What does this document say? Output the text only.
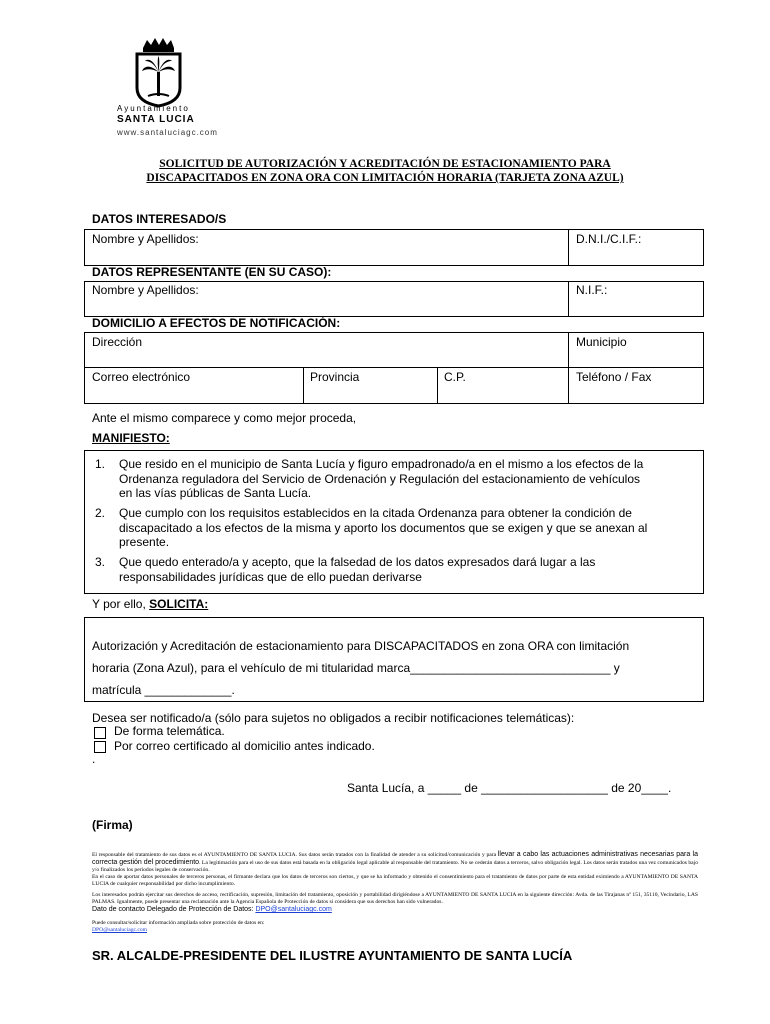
Ayuntamiento
SANTA LUCIA
www.santaluciagc.com
SOLICITUD DE AUTORIZACIÓN Y ACREDITACIÓN DE ESTACIONAMIENTO PARA
DISCAPACITADOS EN ZONA ORA CON LIMITACIÓN HORARIA (TARJETA ZONA AZUL)
DATOS INTERESADO/S
Nombre y Apellidos:	D.N.I./C.I.F.:
DATOS REPRESENTANTE (EN SU CASO):
Nombre y Apellidos:	N.I.F.:
DOMICILIO A EFECTOS DE NOTIFICACIÓN:
Dirección	Municipio
Correo electrónico	Provincia	C.P.	Teléfono / Fax
Ante el mismo comparece y como mejor proceda,
MANIFIESTO:
1. Que resido en el municipio de Santa Lucía y figuro empadronado/a en el mismo a los efectos de la
Ordenanza reguladora del Servicio de Ordenación y Regulación del estacionamiento de vehículos
en las vías públicas de Santa Lucía.
2. Que cumplo con los requisitos establecidos en la citada Ordenanza para obtener la condición de
discapacitado a los efectos de la misma y aporto los documentos que se exigen y que se anexan al
presente.
3. Que quedo enterado/a y acepto, que la falsedad de los datos expresados dará lugar a las
responsabilidades jurídicas que de ello puedan derivarse
Y por ello, SOLICITA:
Autorización y Acreditación de estacionamiento para DISCAPACITADOS en zona ORA con limitación
horaria (Zona Azul), para el vehículo de mi titularidad marca______________________________ y
matrícula _____________.
Desea ser notificado/a (sólo para sujetos no obligados a recibir notificaciones telemáticas):
De forma telemática.
Por correo certificado al domicilio antes indicado.
.
Santa Lucía, a _____ de ___________________ de 20____.
(Firma)
El responsable del tratamiento de sus datos es el AYUNTAMIENTO DE SANTA LUCIA. Sus datos serán tratados con la finalidad de atender a su solicitud/comunicación y para llevar a cabo las actuaciones administrativas necesarias para la correcta gestión del procedimiento. La legitimación para el uso de sus datos está basada en la obligación legal aplicable al responsable del tratamiento. No se cederán datos a terceros, salvo obligación legal. Los datos serán tratados una vez comunicados bajo y/o finalizados los períodos legales de conservación.
En el caso de aportar datos personales de terceros personas, el firmante declara que los datos de terceros son ciertos, y que se ha informado y obtenido el consentimiento para el tratamiento de datos por parte de esta entidad eximiendo a AYUNTAMIENTO DE SANTA LUCIA de cualquier responsabilidad por dicho incumplimiento.
Los interesados podrán ejercitar sus derechos de acceso, rectificación, supresión, limitación del tratamiento, oposición y portabilidad dirigiéndose a AYUNTAMIENTO DE SANTA LUCIA en la siguiente dirección: Avda. de las Tirajanas nº 151, 35110, Vecindario, LAS PALMAS. Igualmente, puede presentar una reclamación ante la Agencia Española de Protección de datos si considera que sus derechos han sido vulnerados.
Dato de contacto Delegado de Protección de Datos: DPO@santaluciagc.com
Puede consultar/solicitar información ampliada sobre protección de datos en:
DPO@santaluciagc.com
SR. ALCALDE-PRESIDENTE DEL ILUSTRE AYUNTAMIENTO DE SANTA LUCÍA
